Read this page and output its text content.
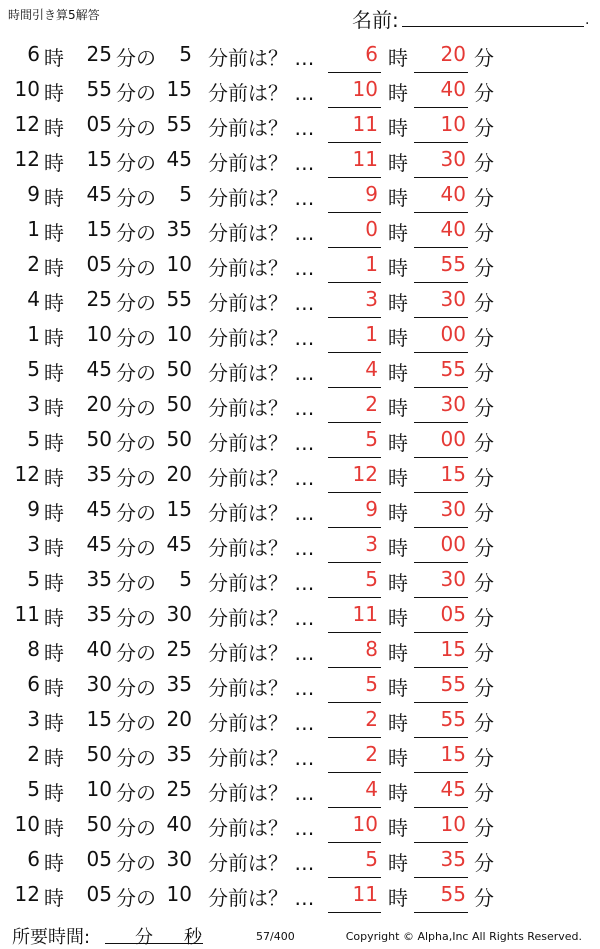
時間引き算5解答	名前:	.
6 時	25 分の	5 分前は？ …	6 時	20 分
10 時	55 分の 15 分前は？ …	10 時	40 分
12 時	05 分の 55 分前は？ …	11 時	10 分
12 時	15 分の 45 分前は？ …	11 時	30 分
9 時	45 分の	5 分前は？ …	9 時	40 分
1 時	15 分の 35 分前は？ …	0 時	40 分
2 時	05 分の 10 分前は？ …	1 時	55 分
4 時	25 分の 55 分前は？ …	3 時	30 分
1 時	10 分の 10 分前は？ …	1 時	00 分
5 時	45 分の 50 分前は？ …	4 時	55 分
3 時	20 分の 50 分前は？ …	2 時	30 分
5 時	50 分の 50 分前は？ …	5 時	00 分
12 時	35 分の 20 分前は？ …	12 時	15 分
9 時	45 分の 15 分前は？ …	9 時	30 分
3 時	45 分の 45 分前は？ …	3 時	00 分
5 時	35 分の	5 分前は？ …	5 時	30 分
11 時	35 分の 30 分前は？ …	11 時	05 分
8 時	40 分の 25 分前は？ …	8 時	15 分
6 時	30 分の 35 分前は？ …	5 時	55 分
3 時	15 分の 20 分前は？ …	2 時	55 分
2 時	50 分の 35 分前は？ …	2 時	15 分
5 時	10 分の 25 分前は？ …	4 時	45 分
10 時	50 分の 40 分前は？ …	10 時	10 分
6 時	05 分の 30 分前は？ …	5 時	35 分
12 時	05 分の 10 分前は？ …	11 時	55 分
所要時間: 分 秒	57/400	Copyright © Alpha,Inc All Rights Reserved.
